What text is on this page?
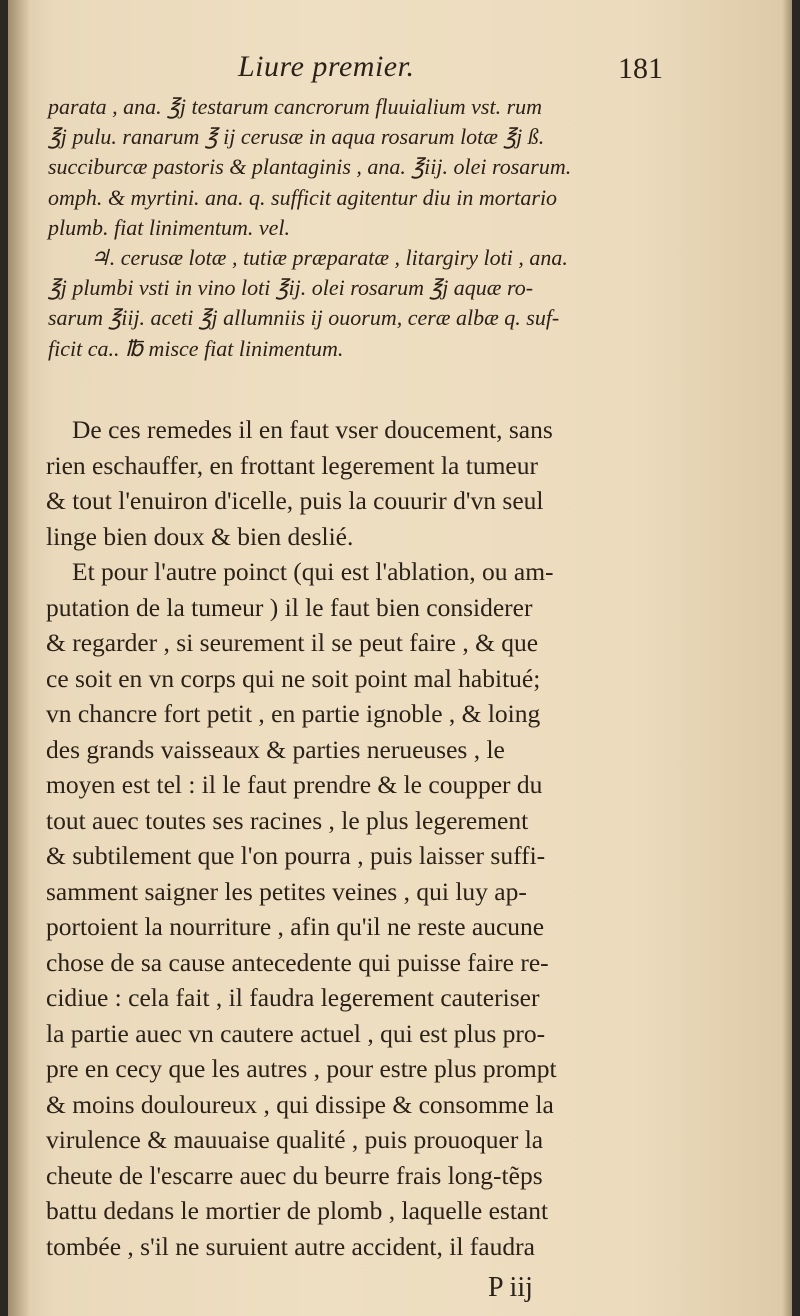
Liure premier.	181
parata , ana. ℥j testarum cancrorum fluuialium vst. rum
℥j pulu. ranarum ℥ ij cerusæ in aqua rosarum lotæ ℥j ß.
succiburcæ pastoris & plantaginis , ana. ℥iij. olei rosarum.
omph. & myrtini. ana. q. sufficit agitentur diu in mortario
plumb. fiat linimentum. vel.
♃. cerusæ lotæ , tutiæ præparatæ , litargiry loti , ana.
℥j plumbi vsti in vino loti ℥ij. olei rosarum ℥j aquæ ro-
sarum ℥iij. aceti ℥j allumniis ij ouorum, ceræ albæ q. suf-
ficit ca.. ℔ misce fiat linimentum.
De ces remedes il en faut vser doucement, sans
rien eschauffer, en frottant legerement la tumeur
& tout l'enuiron d'icelle, puis la couurir d'vn seul
linge bien doux & bien deslié.
Et pour l'autre poinct (qui est l'ablation, ou am-
putation de la tumeur ) il le faut bien considerer
& regarder , si seurement il se peut faire , & que
ce soit en vn corps qui ne soit point mal habitué;
vn chancre fort petit , en partie ignoble , & loing
des grands vaisseaux & parties nerueuses , le
moyen est tel : il le faut prendre & le coupper du
tout auec toutes ses racines , le plus legerement
& subtilement que l'on pourra , puis laisser suffi-
samment saigner les petites veines , qui luy ap-
portoient la nourriture , afin qu'il ne reste aucune
chose de sa cause antecedente qui puisse faire re-
cidiue : cela fait , il faudra legerement cauteriser
la partie auec vn cautere actuel , qui est plus pro-
pre en cecy que les autres , pour estre plus prompt
& moins douloureux , qui dissipe & consomme la
virulence & mauuaise qualité , puis prouoquer la
cheute de l'escarre auec du beurre frais long-tẽps
battu dedans le mortier de plomb , laquelle estant
tombée , s'il ne suruient autre accident, il faudra
P iij
